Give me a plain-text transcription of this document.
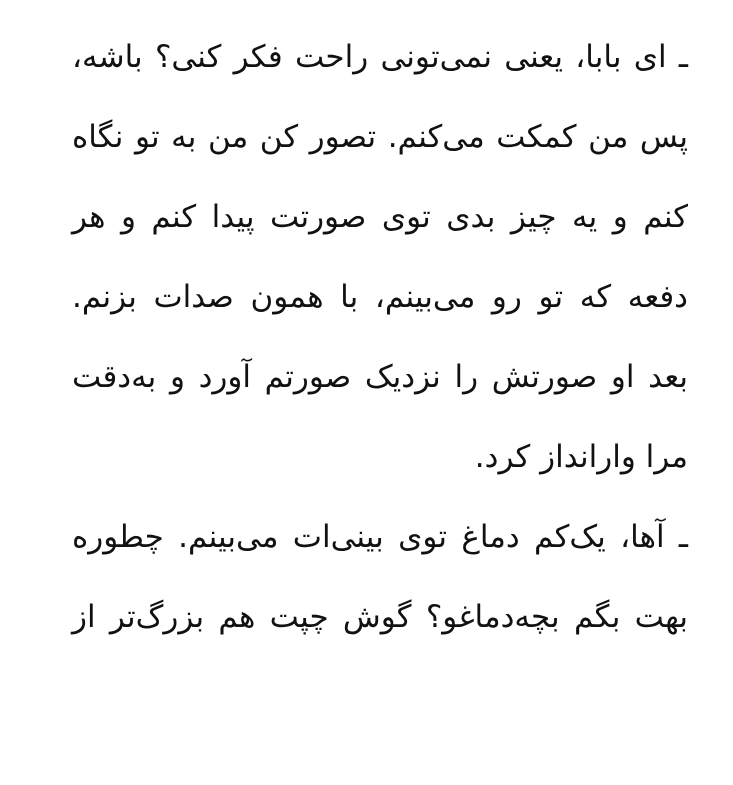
ـ ای بابا، یعنی نمی‌تونی راحت فکر کنی؟ باشه،
پس من کمکت می‌کنم. تصور کن من به تو نگاه
کنم و یه چیز بدی توی صورتت پیدا کنم و هر
دفعه که تو رو می‌بینم، با همون صدات بزنم.
بعد او صورتش را نزدیک صورتم آورد و به‌دقت
مرا وارانداز کرد.
ـ آها، یک‌کم دماغ توی بینی‌ات می‌بینم. چطوره
بهت بگم بچه‌دماغو؟ گوش چپت هم بزرگ‌تر از
